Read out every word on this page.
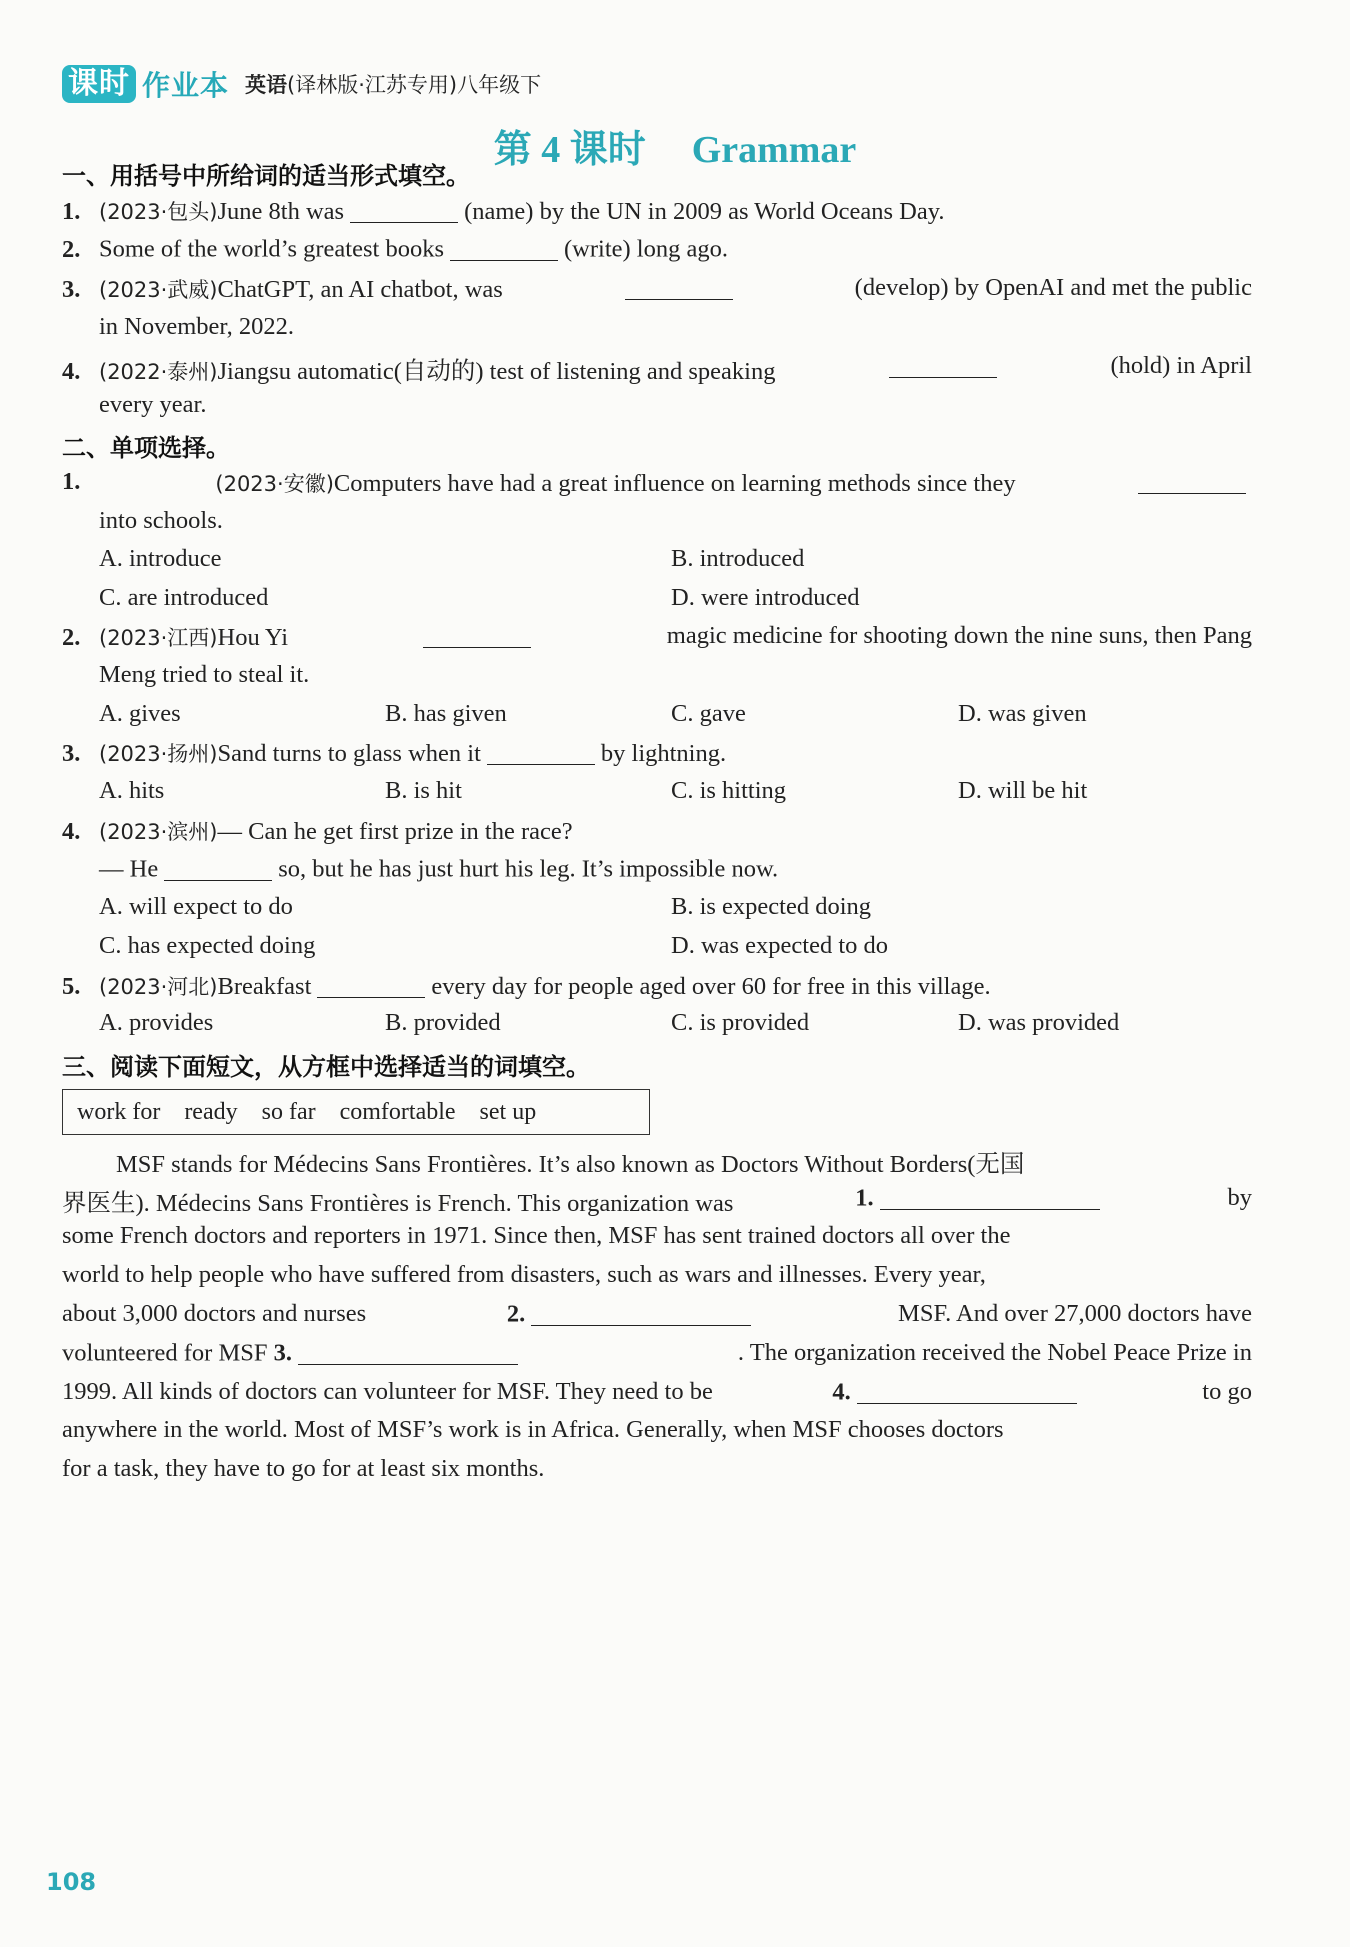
课时 作业本 英语(译林版·江苏专用)八年级下
第 4 课时 Grammar
一、用括号中所给词的适当形式填空。
1. (2023·包头)June 8th was	(name) by the UN in 2009 as World Oceans Day.
2. Some of the world’s greatest books	(write) long ago.
3. (2023·武威)ChatGPT, an AI chatbot, was	(develop) by OpenAI and met the public
in November, 2022.
4. (2022·泰州)Jiangsu automatic(自动的) test of listening and speaking	(hold) in April
every year.
二、单项选择。
1.	(2023·安徽)Computers have had a great influence on learning methods since they
into schools.
A. introduce	B. introduced
C. are introduced	D. were introduced
2. (2023·江西)Hou Yi	magic medicine for shooting down the nine suns, then Pang
Meng tried to steal it.
A. gives	B. has given	C. gave	D. was given
3. (2023·扬州)Sand turns to glass when it	by lightning.
A. hits	B. is hit	C. is hitting	D. will be hit
4. (2023·滨州)— Can he get first prize in the race?
— He	so, but he has just hurt his leg. It’s impossible now.
A. will expect to do	B. is expected doing
C. has expected doing	D. was expected to do
5. (2023·河北)Breakfast	every day for people aged over 60 for free in this village.
A. provides	B. provided	C. is provided	D. was provided
三、阅读下面短文，从方框中选择适当的词填空。
work for ready so far comfortable set up
MSF stands for Médecins Sans Frontières. It’s also known as Doctors Without Borders(无国
界医生). Médecins Sans Frontières is French. This organization was	1.	by
some French doctors and reporters in 1971. Since then, MSF has sent trained doctors all over the
world to help people who have suffered from disasters, such as wars and illnesses. Every year,
about 3,000 doctors and nurses	2.	MSF. And over 27,000 doctors have
volunteered for MSF 3.	. The organization received the Nobel Peace Prize in
1999. All kinds of doctors can volunteer for MSF. They need to be	4.	to go
anywhere in the world. Most of MSF’s work is in Africa. Generally, when MSF chooses doctors
for a task, they have to go for at least six months.
108
